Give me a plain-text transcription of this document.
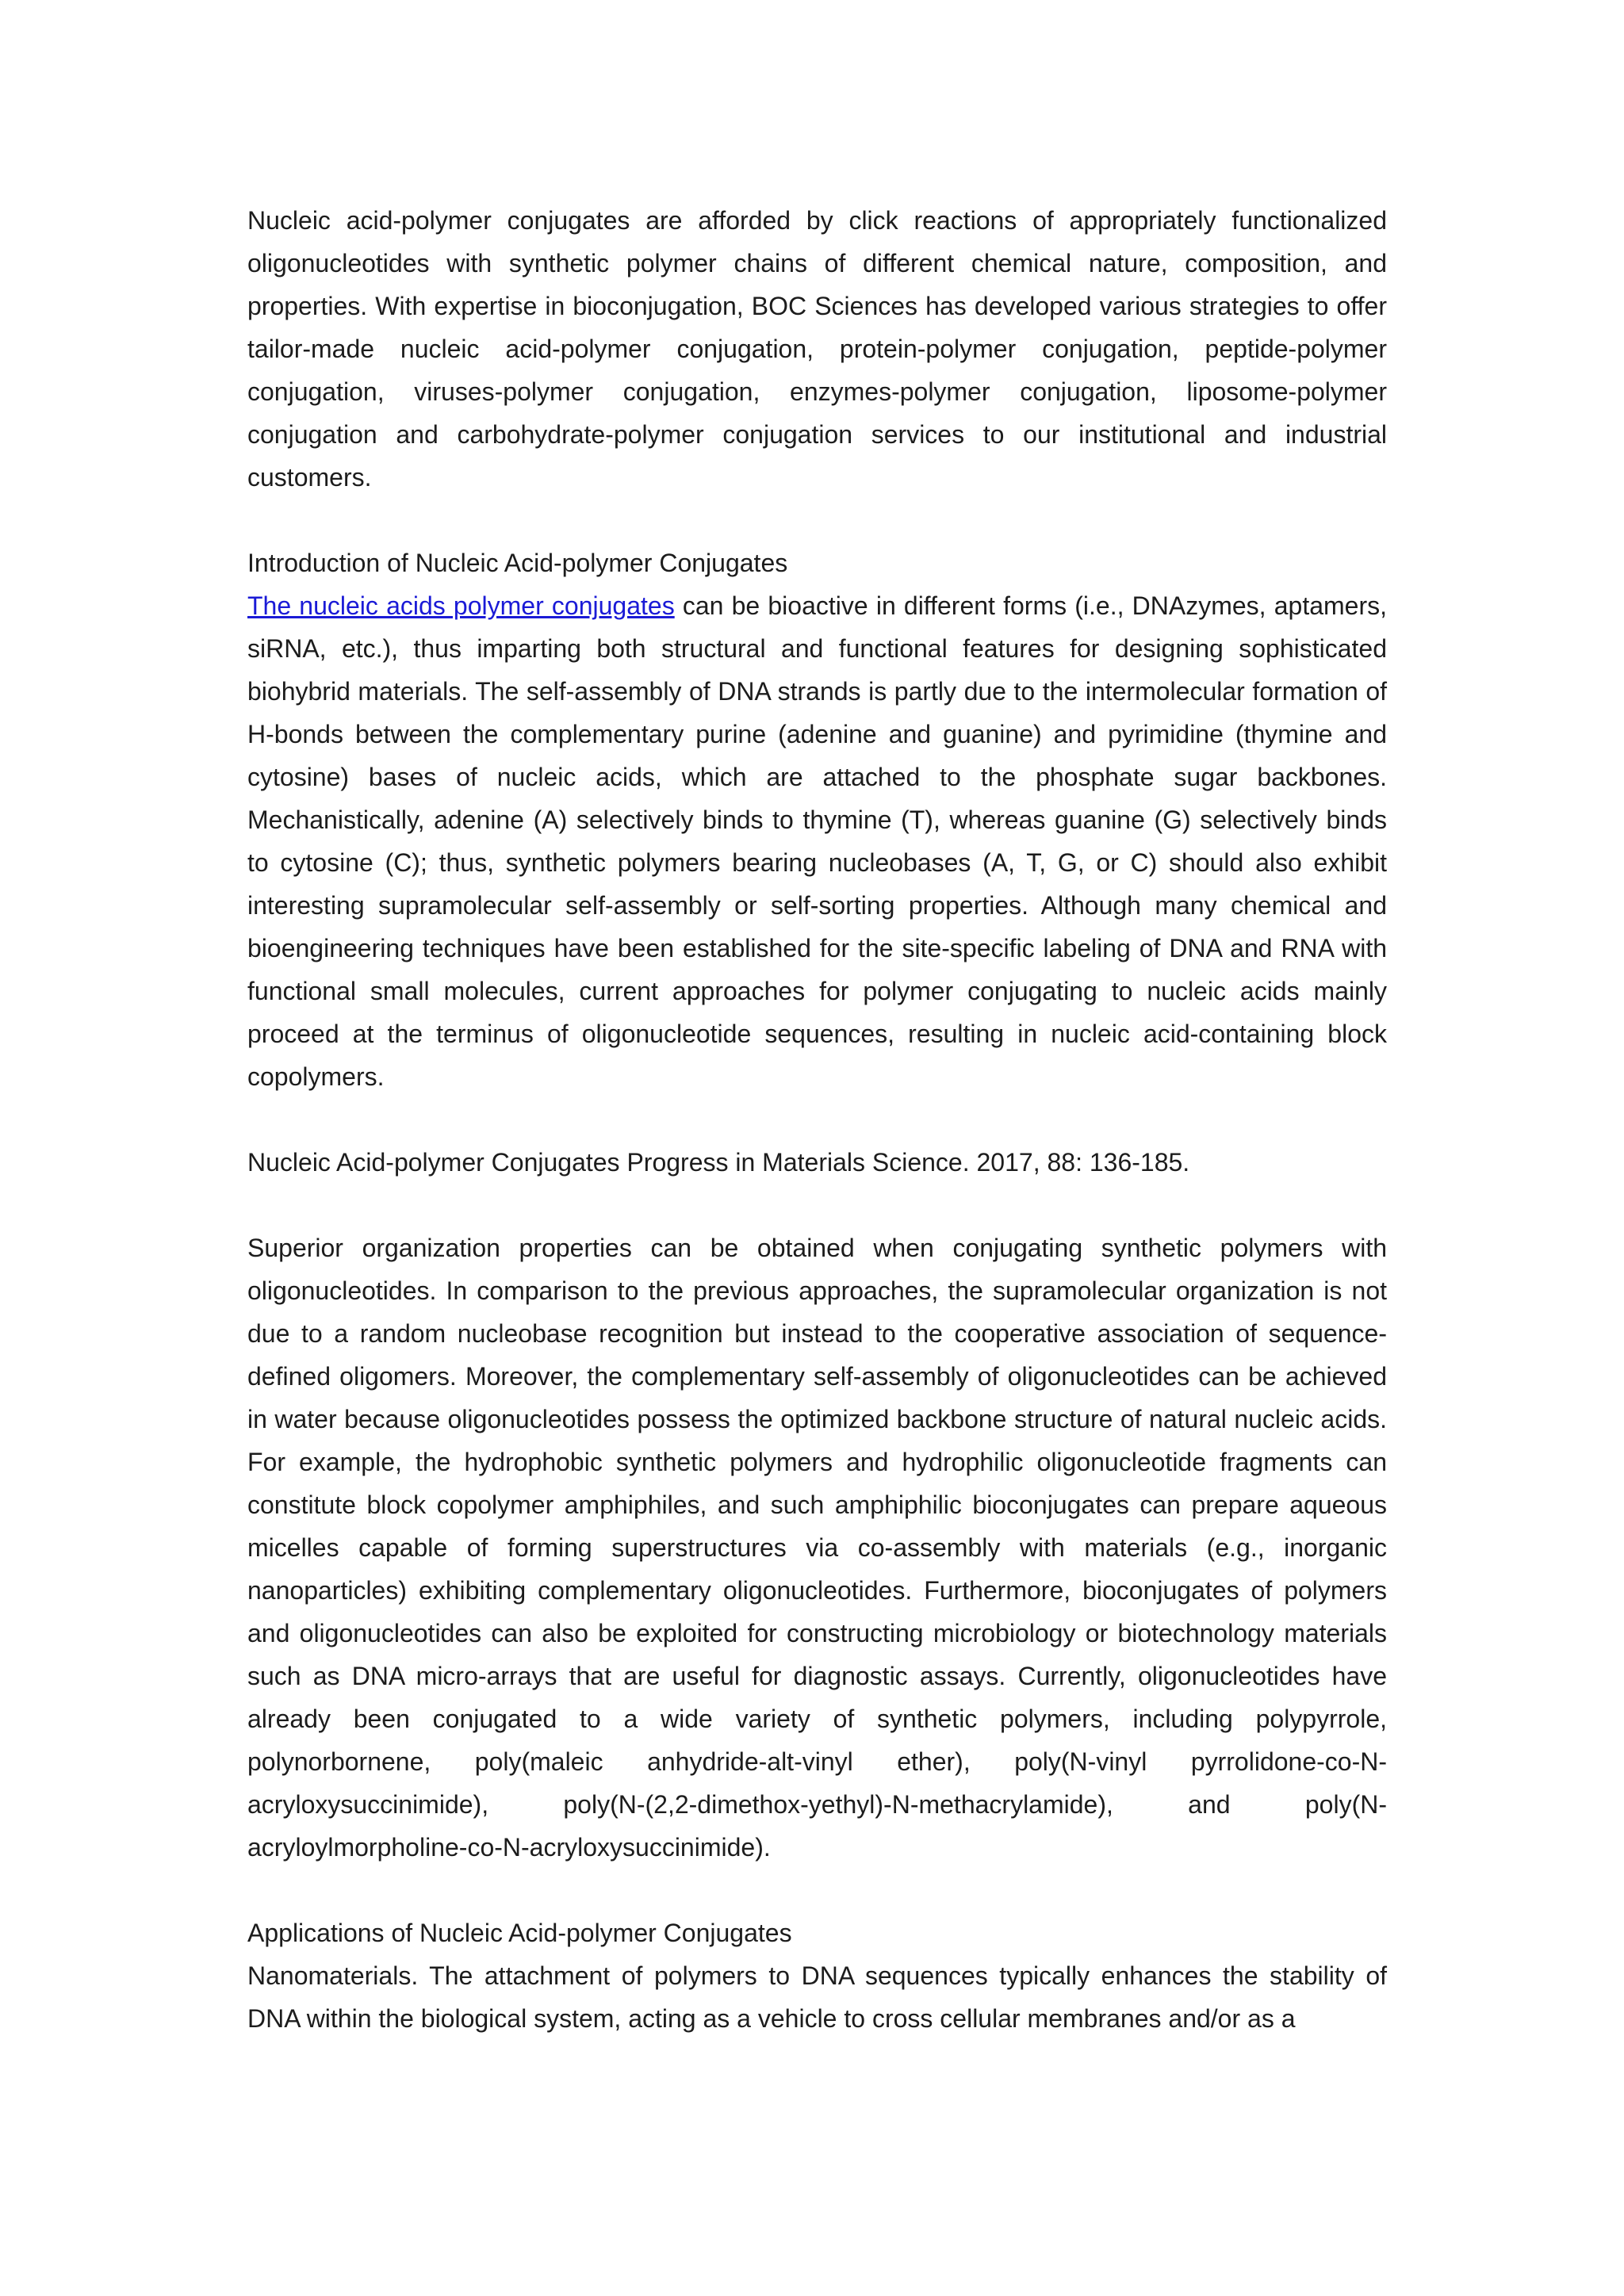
Nucleic acid-polymer conjugates are afforded by click reactions of appropriately functionalized oligonucleotides with synthetic polymer chains of different chemical nature, composition, and properties. With expertise in bioconjugation, BOC Sciences has developed various strategies to offer tailor-made nucleic acid-polymer conjugation, protein-polymer conjugation, peptide-polymer conjugation, viruses-polymer conjugation, enzymes-polymer conjugation, liposome-polymer conjugation and carbohydrate-polymer conjugation services to our institutional and industrial customers.

Introduction of Nucleic Acid-polymer Conjugates

The nucleic acids polymer conjugates can be bioactive in different forms (i.e., DNAzymes, aptamers, siRNA, etc.), thus imparting both structural and functional features for designing sophisticated biohybrid materials. The self-assembly of DNA strands is partly due to the intermolecular formation of H-bonds between the complementary purine (adenine and guanine) and pyrimidine (thymine and cytosine) bases of nucleic acids, which are attached to the phosphate sugar backbones. Mechanistically, adenine (A) selectively binds to thymine (T), whereas guanine (G) selectively binds to cytosine (C); thus, synthetic polymers bearing nucleobases (A, T, G, or C) should also exhibit interesting supramolecular self-assembly or self-sorting properties. Although many chemical and bioengineering techniques have been established for the site-specific labeling of DNA and RNA with functional small molecules, current approaches for polymer conjugating to nucleic acids mainly proceed at the terminus of oligonucleotide sequences, resulting in nucleic acid-containing block copolymers.

Nucleic Acid-polymer Conjugates Progress in Materials Science. 2017, 88: 136-185.

Superior organization properties can be obtained when conjugating synthetic polymers with oligonucleotides. In comparison to the previous approaches, the supramolecular organization is not due to a random nucleobase recognition but instead to the cooperative association of sequence-defined oligomers. Moreover, the complementary self-assembly of oligonucleotides can be achieved in water because oligonucleotides possess the optimized backbone structure of natural nucleic acids. For example, the hydrophobic synthetic polymers and hydrophilic oligonucleotide fragments can constitute block copolymer amphiphiles, and such amphiphilic bioconjugates can prepare aqueous micelles capable of forming superstructures via co-assembly with materials (e.g., inorganic nanoparticles) exhibiting complementary oligonucleotides. Furthermore, bioconjugates of polymers and oligonucleotides can also be exploited for constructing microbiology or biotechnology materials such as DNA micro-arrays that are useful for diagnostic assays. Currently, oligonucleotides have already been conjugated to a wide variety of synthetic polymers, including polypyrrole, polynorbornene, poly(maleic anhydride-alt-vinyl ether), poly(N-vinyl pyrrolidone-co-N-acryloxysuccinimide), poly(N-(2,2-dimethox-yethyl)-N-methacrylamide), and poly(N-acryloylmorpholine-co-N-acryloxysuccinimide).

Applications of Nucleic Acid-polymer Conjugates

Nanomaterials. The attachment of polymers to DNA sequences typically enhances the stability of DNA within the biological system, acting as a vehicle to cross cellular membranes and/or as a
